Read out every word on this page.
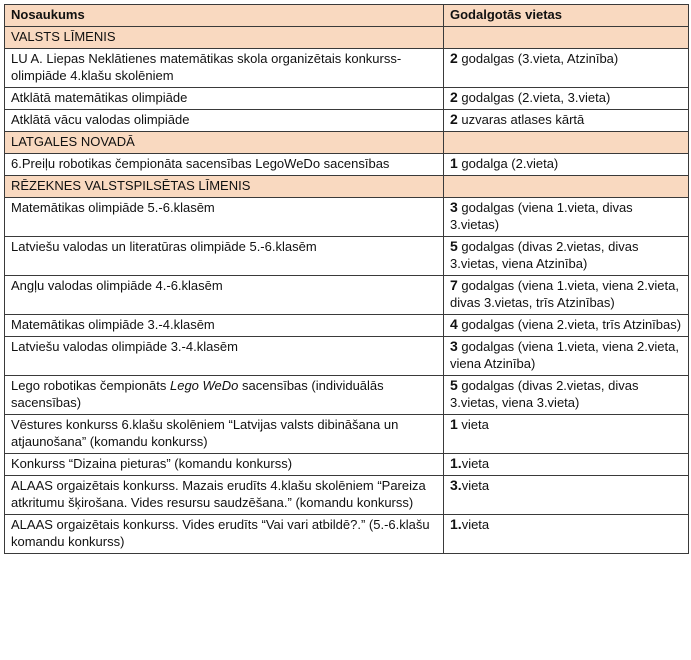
Nosaukums	Godalgotās vietas
VALSTS LĪMENIS	
LU A. Liepas Neklātienes matemātikas skola organizētais konkurss-olimpiāde 4.klašu skolēniem	2 godalgas (3.vieta, Atzinība)
Atklātā matemātikas olimpiāde	2 godalgas (2.vieta, 3.vieta)
Atklātā vācu valodas olimpiāde	2 uzvaras atlases kārtā
LATGALES NOVADĀ	
6.Preiļu robotikas čempionāta sacensības LegoWeDo sacensības	1 godalga (2.vieta)
RĒZEKNES VALSTSPILSĒTAS LĪMENIS	
Matemātikas olimpiāde 5.-6.klasēm	3 godalgas (viena 1.vieta, divas 3.vietas)
Latviešu valodas un literatūras olimpiāde 5.-6.klasēm	5 godalgas (divas 2.vietas, divas 3.vietas, viena Atzinība)
Angļu valodas olimpiāde 4.-6.klasēm	7 godalgas (viena 1.vieta, viena 2.vieta, divas 3.vietas, trīs Atzinības)
Matemātikas olimpiāde 3.-4.klasēm	4 godalgas (viena 2.vieta, trīs Atzinības)
Latviešu valodas olimpiāde 3.-4.klasēm	3 godalgas (viena 1.vieta, viena 2.vieta, viena Atzinība)
Lego robotikas čempionāts Lego WeDo sacensības (individuālās sacensības)	5 godalgas (divas 2.vietas, divas 3.vietas, viena 3.vieta)
Vēstures konkurss 6.klašu skolēniem “Latvijas valsts dibināšana un atjaunošana” (komandu konkurss)	1 vieta
Konkurss “Dizaina pieturas” (komandu konkurss)	1.vieta
ALAAS orgaizētais konkurss. Mazais erudīts 4.klašu skolēniem “Pareiza atkritumu šķirošana. Vides resursu saudzēšana.” (komandu konkurss)	3.vieta
ALAAS orgaizētais konkurss. Vides erudīts “Vai vari atbildē?.” (5.-6.klašu komandu konkurss)	1.vieta
